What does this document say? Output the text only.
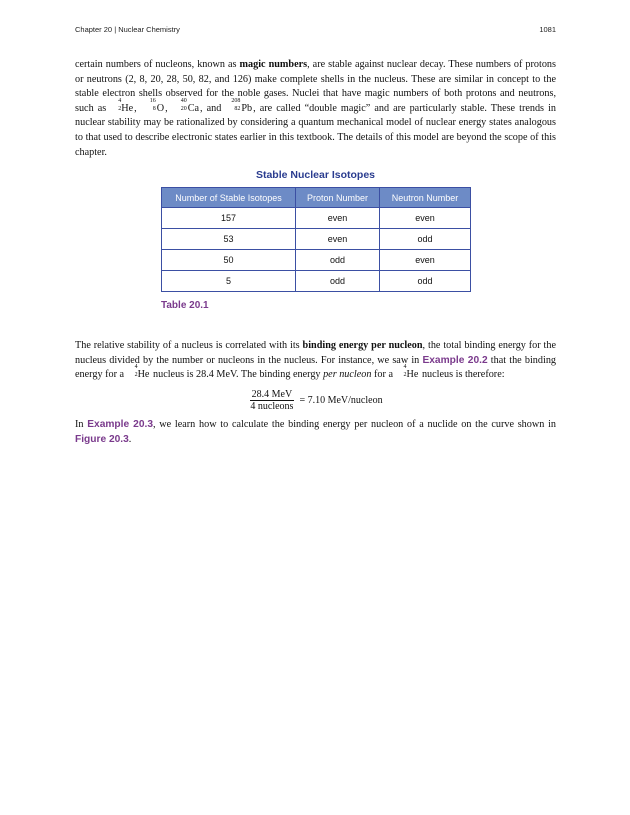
Chapter 20 | Nuclear Chemistry	1081

certain numbers of nucleons, known as magic numbers, are stable against nuclear decay. These numbers of protons or neutrons (2, 8, 20, 28, 50, 82, and 126) make complete shells in the nucleus. These are similar in concept to the stable electron shells observed for the noble gases. Nuclei that have magic numbers of both protons and neutrons, such as
4
2 He,
16
8 O,
40
20 Ca, and
208
82 Pb, are called “double magic” and are particularly stable. These trends in nuclear stability may be rationalized by considering a quantum mechanical model of nuclear energy states analogous to that used to describe electronic states earlier in this textbook. The details of this model are beyond the scope of this chapter.

Stable Nuclear Isotopes
Number of Stable Isotopes	Proton Number	Neutron Number
157	even	even
53	even	odd
50	odd	even
5	odd	odd
Table 20.1

The relative stability of a nucleus is correlated with its binding energy per nucleon, the total binding energy for the nucleus divided by the number or nucleons in the nucleus. For instance, we saw in Example 20.2 that the binding energy for a
4
2 He nucleus is 28.4 MeV. The binding energy per nucleon for a
4
2 He nucleus is therefore:

$\frac{\text{28.4 MeV}}{\text{4 nucleons}} = 7.10$ MeV/nucleon

In Example 20.3, we learn how to calculate the binding energy per nucleon of a nuclide on the curve shown in Figure 20.3.
